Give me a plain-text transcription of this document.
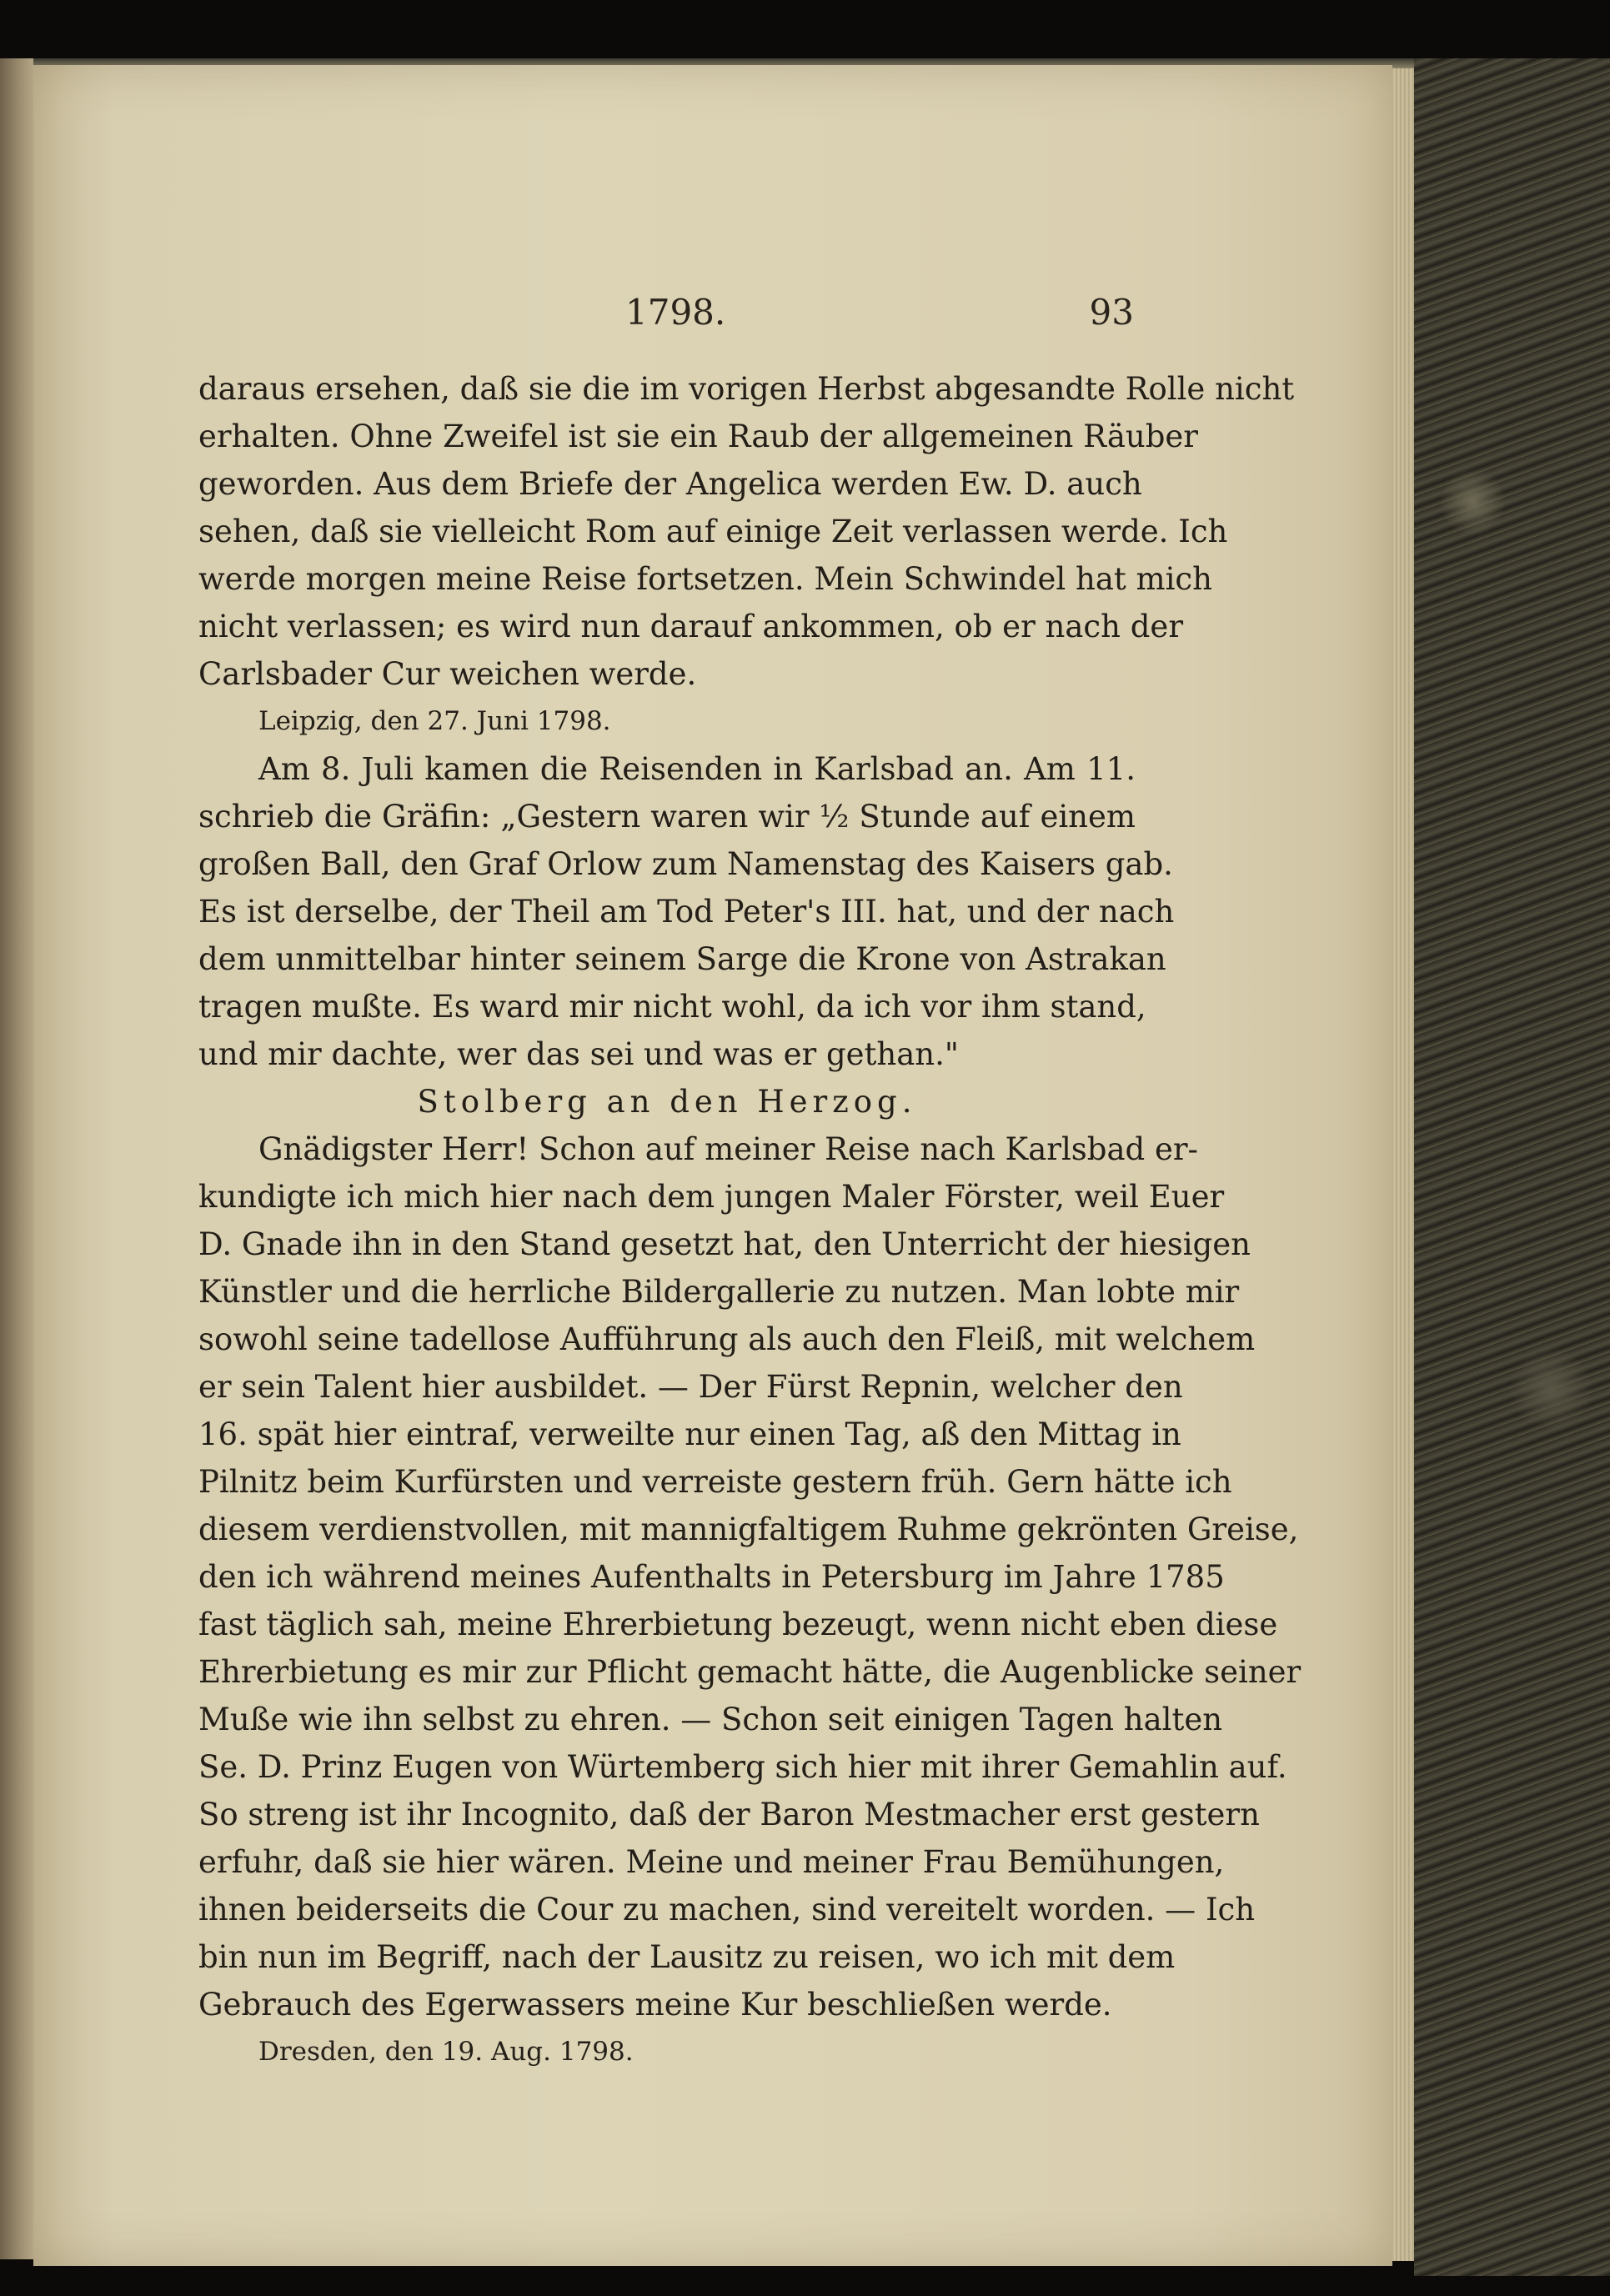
1798.	93
daraus ersehen, daß sie die im vorigen Herbst abgesandte Rolle nicht
erhalten. Ohne Zweifel ist sie ein Raub der allgemeinen Räuber
geworden. Aus dem Briefe der Angelica werden Ew. D. auch
sehen, daß sie vielleicht Rom auf einige Zeit verlassen werde. Ich
werde morgen meine Reise fortsetzen. Mein Schwindel hat mich
nicht verlassen; es wird nun darauf ankommen, ob er nach der
Carlsbader Cur weichen werde.
Leipzig, den 27. Juni 1798.
Am 8. Juli kamen die Reisenden in Karlsbad an. Am 11.
schrieb die Gräfin: „Gestern waren wir ½ Stunde auf einem
großen Ball, den Graf Orlow zum Namenstag des Kaisers gab.
Es ist derselbe, der Theil am Tod Peter's III. hat, und der nach
dem unmittelbar hinter seinem Sarge die Krone von Astrakan
tragen mußte. Es ward mir nicht wohl, da ich vor ihm stand,
und mir dachte, wer das sei und was er gethan."
Stolberg an den Herzog.
Gnädigster Herr! Schon auf meiner Reise nach Karlsbad er-
kundigte ich mich hier nach dem jungen Maler Förster, weil Euer
D. Gnade ihn in den Stand gesetzt hat, den Unterricht der hiesigen
Künstler und die herrliche Bildergallerie zu nutzen. Man lobte mir
sowohl seine tadellose Aufführung als auch den Fleiß, mit welchem
er sein Talent hier ausbildet. — Der Fürst Repnin, welcher den
16. spät hier eintraf, verweilte nur einen Tag, aß den Mittag in
Pilnitz beim Kurfürsten und verreiste gestern früh. Gern hätte ich
diesem verdienstvollen, mit mannigfaltigem Ruhme gekrönten Greise,
den ich während meines Aufenthalts in Petersburg im Jahre 1785
fast täglich sah, meine Ehrerbietung bezeugt, wenn nicht eben diese
Ehrerbietung es mir zur Pflicht gemacht hätte, die Augenblicke seiner
Muße wie ihn selbst zu ehren. — Schon seit einigen Tagen halten
Se. D. Prinz Eugen von Würtemberg sich hier mit ihrer Gemahlin auf.
So streng ist ihr Incognito, daß der Baron Mestmacher erst gestern
erfuhr, daß sie hier wären. Meine und meiner Frau Bemühungen,
ihnen beiderseits die Cour zu machen, sind vereitelt worden. — Ich
bin nun im Begriff, nach der Lausitz zu reisen, wo ich mit dem
Gebrauch des Egerwassers meine Kur beschließen werde.
Dresden, den 19. Aug. 1798.
